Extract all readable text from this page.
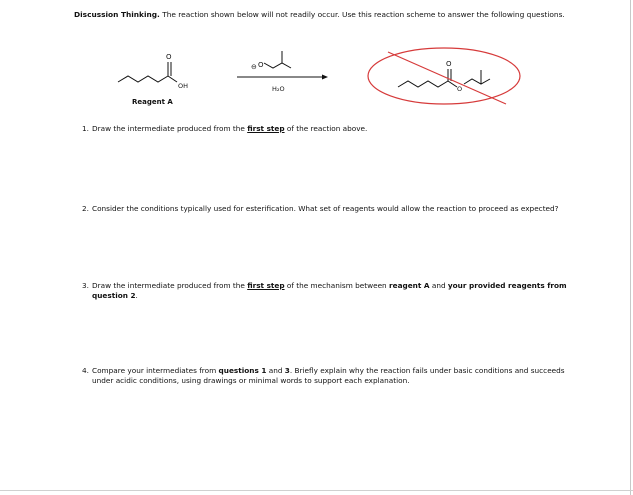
Discussion Thinking. The reaction shown below will not readily occur. Use this reaction scheme to answer the following questions.
O
OH
Reagent A
⊖ O
H₂O
O
O
1. Draw the intermediate produced from the first step of the reaction above.
2. Consider the conditions typically used for esterification. What set of reagents would allow the reaction to proceed as expected?
3. Draw the intermediate produced from the first step of the mechanism between reagent A and your provided reagents from question 2.
4. Compare your intermediates from questions 1 and 3. Briefly explain why the reaction fails under basic conditions and succeeds under acidic conditions, using drawings or minimal words to support each explanation.
